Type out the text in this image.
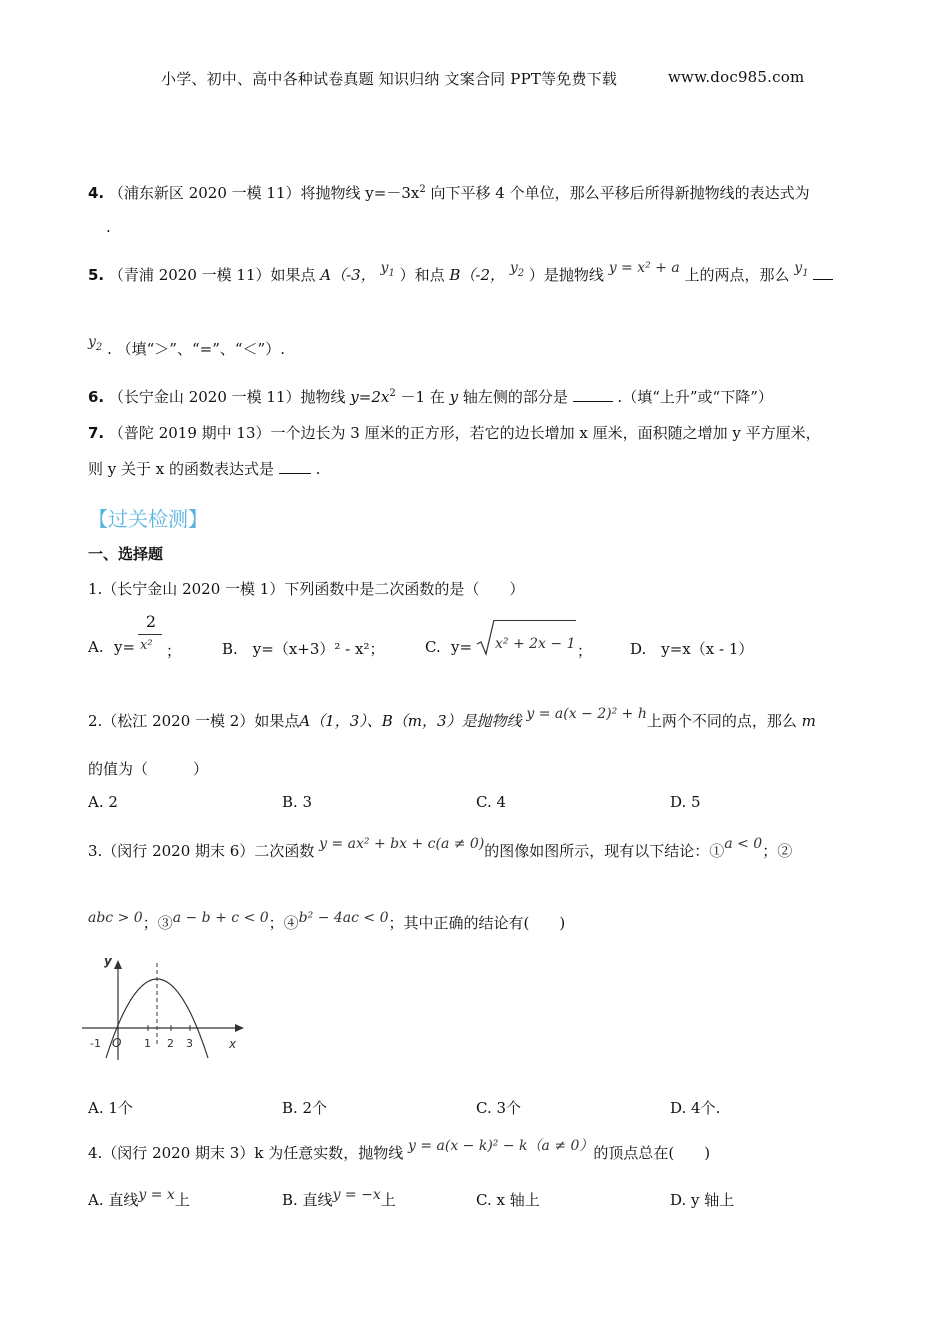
小学、初中、高中各种试卷真题 知识归纳 文案合同 PPT等免费下载	www.doc985.com
4. （浦东新区 2020 一模 11）将抛物线 $y=-3x^2$ 向下平移 4 个单位，那么平移后所得新抛物线的表达式为
.
5. （青浦 2020 一模 11）如果点 A（-3， $y_1$ ）和点 B（-2， $y_2$ ）是抛物线 y = x² + a 上的两点，那么 $y_1$
$y_2$ . （填“＞”、“=”、“＜”）.
6. （长宁金山 2020 一模 11）抛物线 $y=2x^2 -1$ 在 y 轴左侧的部分是	.（填“上升”或“下降”）
7. （普陀 2019 期中 13）一个边长为 3 厘米的正方形，若它的边长增加 x 厘米，面积随之增加 y 平方厘米，
则 y 关于 x 的函数表达式是	.
【过关检测】
一、选择题
1.（长宁金山 2020 一模 1）下列函数中是二次函数的是（　　）
A. y=
2
x² ；	B.　y=（x+3）² - x²；	C. y= x² + 2x − 1 ；	D.　y=x（x - 1）
2.（松江 2020 一模 2）如果点A（1，3）、B（m，3）是抛物线 y = a(x − 2)² + h上两个不同的点，那么 m
的值为（　　　）
A. 2	B. 3	C. 4	D. 5
3.（闵行 2020 期末 6）二次函数 y = ax² + bx + c(a ≠ 0)的图像如图所示，现有以下结论：①a < 0；②
abc > 0；③a − b + c < 0；④b² − 4ac < 0；其中正确的结论有(　　)
y
x
O
-1	1 2 3
A. 1个	B. 2个	C. 3个	D. 4个.
4.（闵行 2020 期末 3）k 为任意实数，抛物线 y = a(x − k)² − k（a ≠ 0）的顶点总在(　　)
A. 直线y = x上	B. 直线y = −x上	C. x 轴上	D. y 轴上
